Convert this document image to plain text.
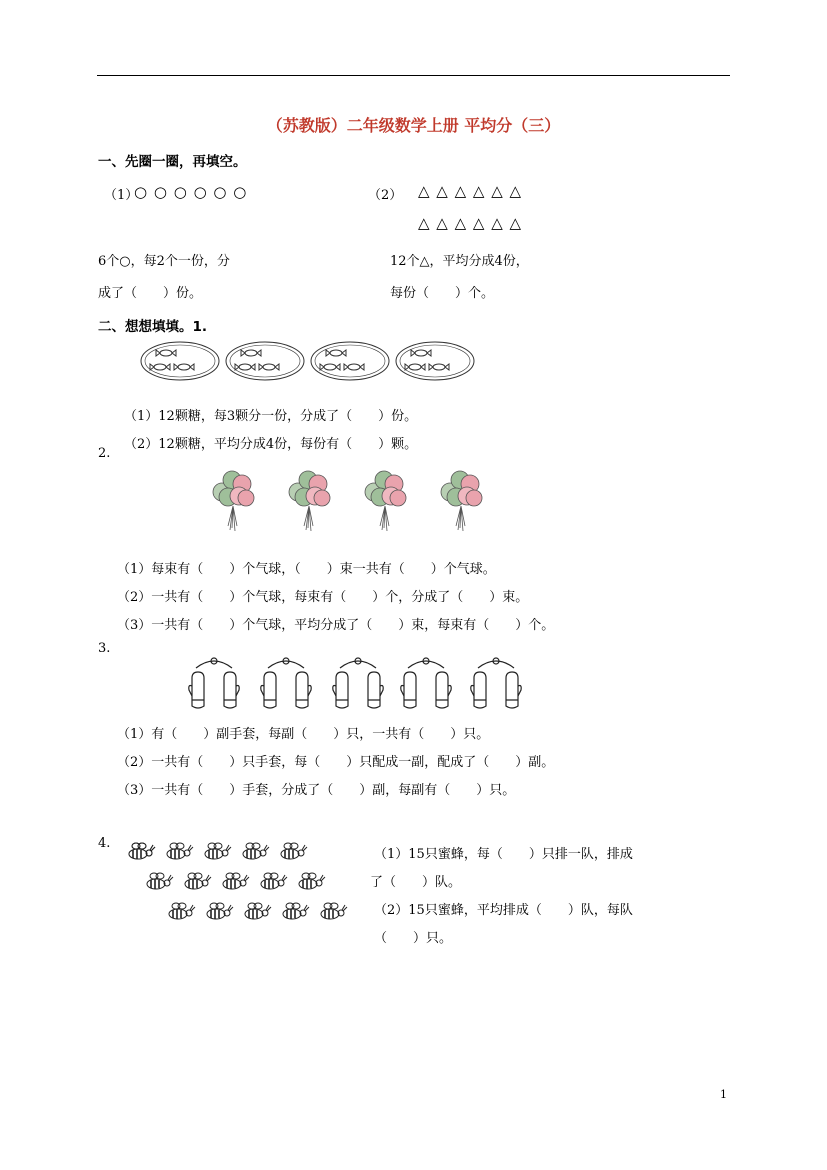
（苏教版）二年级数学上册 平均分（三）
一、先圈一圈，再填空。
（1）
○ ○ ○ ○ ○ ○	（2） △ △ △ △ △ △
△ △ △ △ △ △
6个○，每2个一份，分
成了（　　）份。
12个△，平均分成4份，
每份（　　）个。
二、想想填填。1.
（1）12颗糖，每3颗分一份，分成了（　　）份。
（2）12颗糖，平均分成4份，每份有（　　）颗。
2.
（1）每束有（　　）个气球，（　　）束一共有（　　）个气球。
（2）一共有（　　）个气球，每束有（　　）个，分成了（　　）束。
（3）一共有（　　）个气球，平均分成了（　　）束，每束有（　　）个。
3.
（1）有（　　）副手套，每副（　　）只，一共有（　　）只。
（2）一共有（　　）只手套，每（　　）只配成一副，配成了（　　）副。
（3）一共有（　　）手套，分成了（　　）副，每副有（　　）只。
4.
（1）15只蜜蜂，每（　　）只排一队，排成
了（　　）队。
（2）15只蜜蜂，平均排成（　　）队，每队
（　　）只。
1
